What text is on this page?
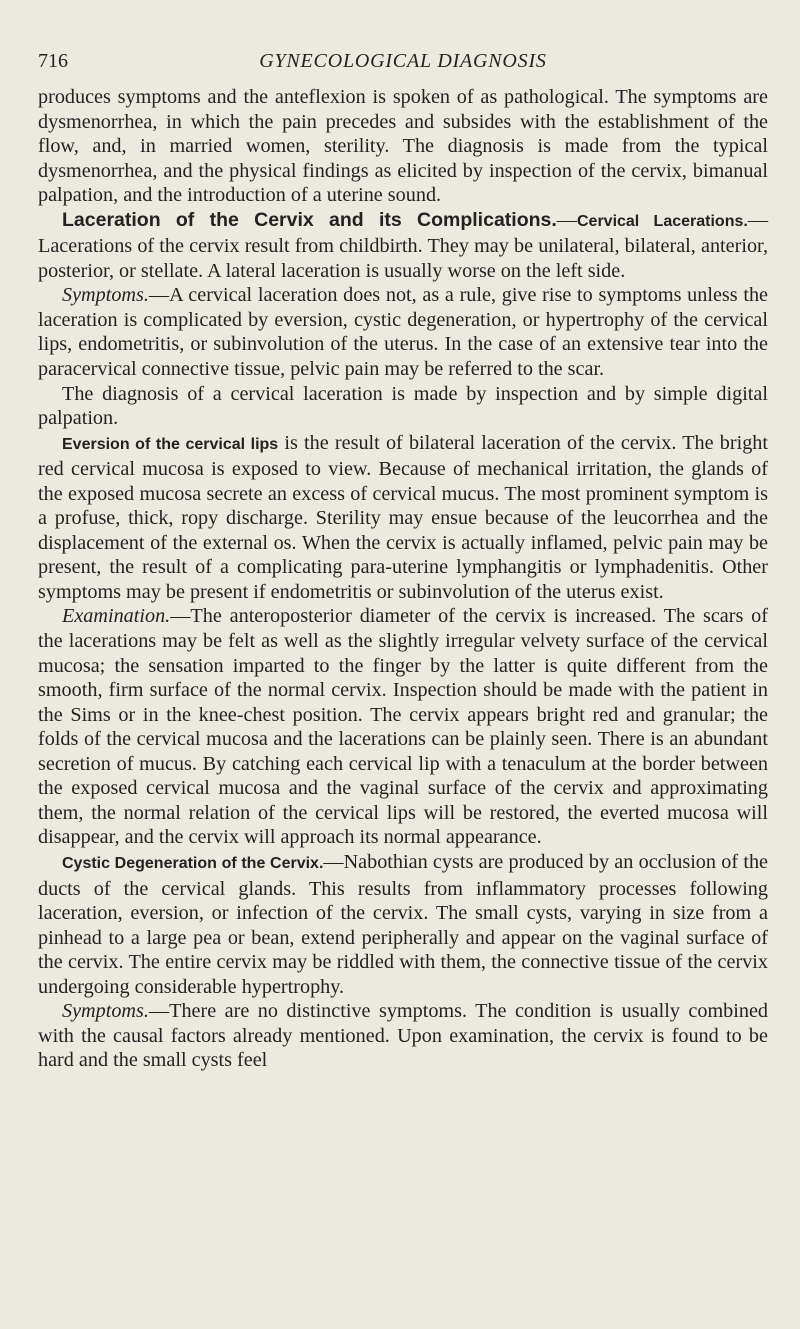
716	GYNECOLOGICAL DIAGNOSIS

produces symptoms and the anteflexion is spoken of as pathological. The symptoms are dysmenorrhea, in which the pain precedes and subsides with the establishment of the flow, and, in married women, sterility. The diagnosis is made from the typical dysmenorrhea, and the physical findings as elicited by inspection of the cervix, bimanual palpation, and the introduction of a uterine sound.

Laceration of the Cervix and its Complications.—Cervical Lacerations.—Lacerations of the cervix result from childbirth. They may be unilateral, bilateral, anterior, posterior, or stellate. A lateral laceration is usually worse on the left side.

Symptoms.—A cervical laceration does not, as a rule, give rise to symptoms unless the laceration is complicated by eversion, cystic degeneration, or hypertrophy of the cervical lips, endometritis, or subinvolution of the uterus. In the case of an extensive tear into the paracervical connective tissue, pelvic pain may be referred to the scar.

The diagnosis of a cervical laceration is made by inspection and by simple digital palpation.

Eversion of the cervical lips is the result of bilateral laceration of the cervix. The bright red cervical mucosa is exposed to view. Because of mechanical irritation, the glands of the exposed mucosa secrete an excess of cervical mucus. The most prominent symptom is a profuse, thick, ropy discharge. Sterility may ensue because of the leucorrhea and the displacement of the external os. When the cervix is actually inflamed, pelvic pain may be present, the result of a complicating para-uterine lymphangitis or lymphadenitis. Other symptoms may be present if endometritis or subinvolution of the uterus exist.

Examination.—The anteroposterior diameter of the cervix is increased. The scars of the lacerations may be felt as well as the slightly irregular velvety surface of the cervical mucosa; the sensation imparted to the finger by the latter is quite different from the smooth, firm surface of the normal cervix. Inspection should be made with the patient in the Sims or in the knee-chest position. The cervix appears bright red and granular; the folds of the cervical mucosa and the lacerations can be plainly seen. There is an abundant secretion of mucus. By catching each cervical lip with a tenaculum at the border between the exposed cervical mucosa and the vaginal surface of the cervix and approximating them, the normal relation of the cervical lips will be restored, the everted mucosa will disappear, and the cervix will approach its normal appearance.

Cystic Degeneration of the Cervix.—Nabothian cysts are produced by an occlusion of the ducts of the cervical glands. This results from inflammatory processes following laceration, eversion, or infection of the cervix. The small cysts, varying in size from a pinhead to a large pea or bean, extend peripherally and appear on the vaginal surface of the cervix. The entire cervix may be riddled with them, the connective tissue of the cervix undergoing considerable hypertrophy.

Symptoms.—There are no distinctive symptoms. The condition is usually combined with the causal factors already mentioned. Upon examination, the cervix is found to be hard and the small cysts feel
